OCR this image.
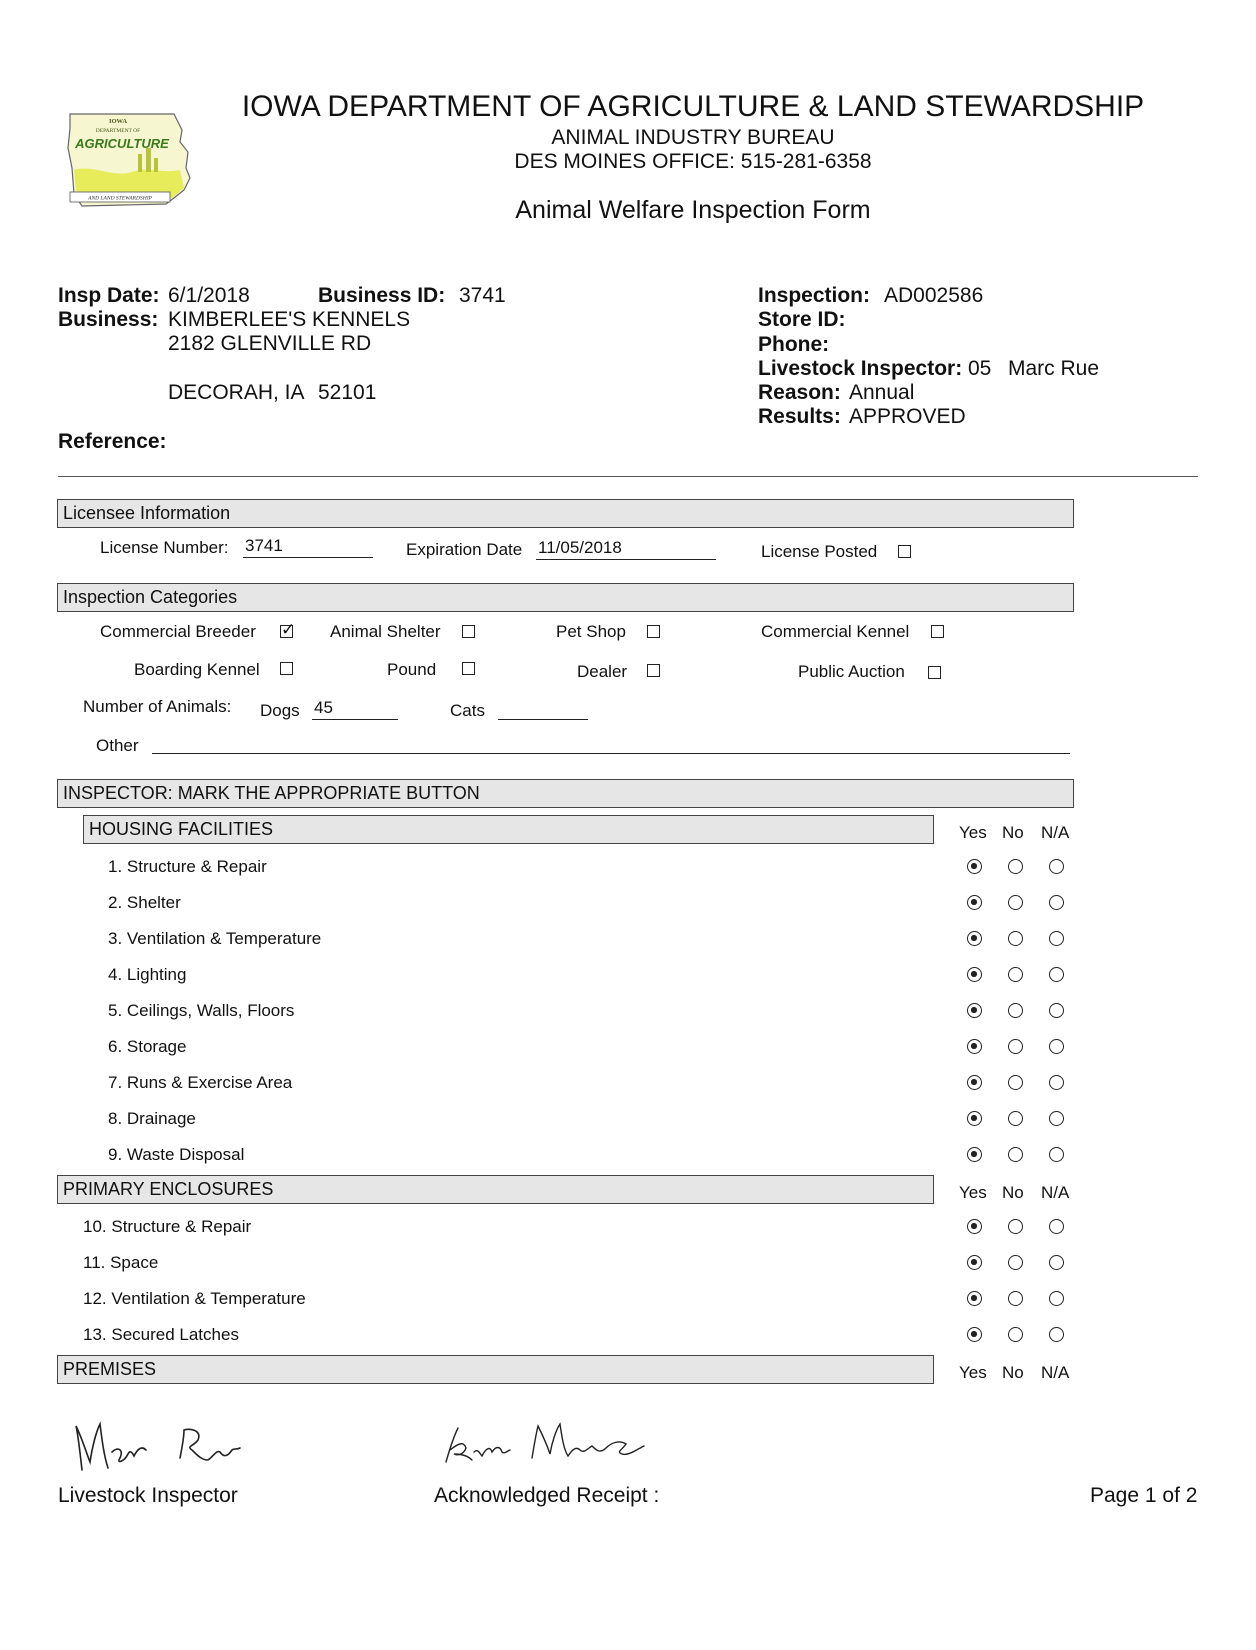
IOWA
DEPARTMENT OF
AGRICULTURE
AND LAND STEWARDSHIP
IOWA DEPARTMENT OF AGRICULTURE & LAND STEWARDSHIP
ANIMAL INDUSTRY BUREAU
DES MOINES OFFICE: 515-281-6358
Animal Welfare Inspection Form
Insp Date: 6/1/2018	Business ID: 3741
Business: KIMBERLEE'S KENNELS
2182 GLENVILLE RD
DECORAH, IA 52101
Reference:
Inspection: AD002586
Store ID:
Phone:
Livestock Inspector: 05 Marc Rue
Reason: Annual
Results: APPROVED
Licensee Information
License Number: 3741	Expiration Date 11/05/2018	License Posted
Inspection Categories
Commercial Breeder
✓	Animal Shelter	Pet Shop	Commercial Kennel
Boarding Kennel	Pound	Dealer	Public Auction
Number of Animals: Dogs 45	Cats
Other
INSPECTOR: MARK THE APPROPRIATE BUTTON
HOUSING FACILITIES	Yes No N/A
1. Structure & Repair
2. Shelter
3. Ventilation & Temperature
4. Lighting
5. Ceilings, Walls, Floors
6. Storage
7. Runs & Exercise Area
8. Drainage
9. Waste Disposal
PRIMARY ENCLOSURES	Yes No N/A
10. Structure & Repair
11. Space
12. Ventilation & Temperature
13. Secured Latches
PREMISES	Yes No N/A
Livestock Inspector	Acknowledged Receipt :	Page 1 of 2
